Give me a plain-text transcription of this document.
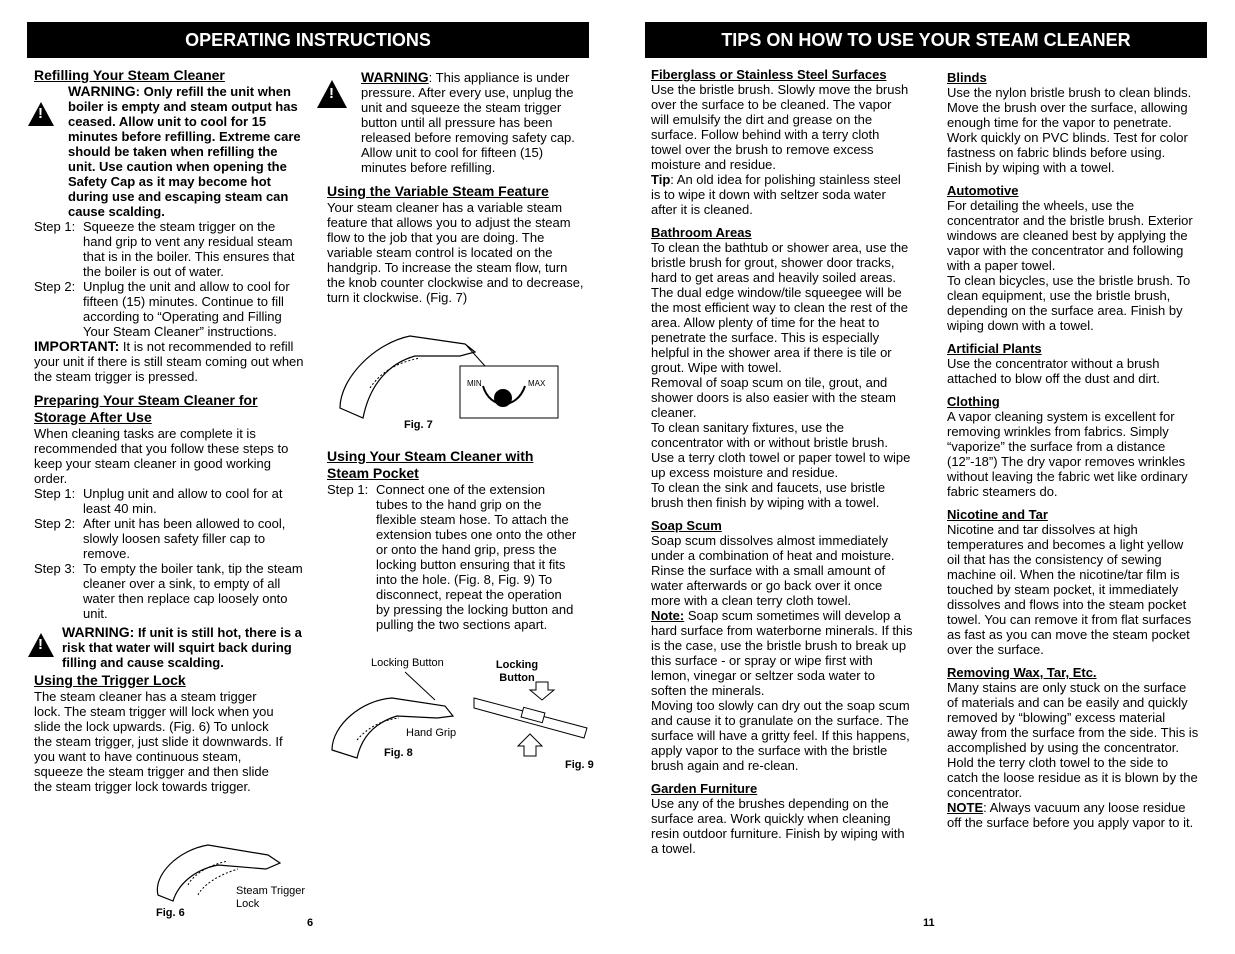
OPERATING INSTRUCTIONS	TIPS ON HOW TO USE YOUR STEAM CLEANER
Refilling Your Steam Cleaner
!

WARNING: Only refill the unit when boiler is empty and steam output has ceased. Allow unit to cool for 15 minutes before refilling. Extreme care should be taken when refilling the unit. Use caution when opening the Safety Cap as it may become hot during use and escaping steam can cause scalding.

Step 1: Squeeze the steam trigger on the hand grip to vent any residual steam that is in the boiler. This ensures that the boiler is out of water.
Step 2: Unplug the unit and allow to cool for fifteen (15) minutes. Continue to fill according to “Operating and Filling Your Steam Cleaner” instructions.

IMPORTANT: It is not recommended to refill your unit if there is still steam coming out when the steam trigger is pressed.

Preparing Your Steam Cleaner for Storage After Use

When cleaning tasks are complete it is recommended that you follow these steps to keep your steam cleaner in good working order.

Step 1: Unplug unit and allow to cool for at least 40 min.
Step 2: After unit has been allowed to cool, slowly loosen safety filler cap to remove.
Step 3: To empty the boiler tank, tip the steam cleaner over a sink, to empty of all water then replace cap loosely onto unit.
!

WARNING: If unit is still hot, there is a risk that water will squirt back during filling and cause scalding.

Using the Trigger Lock

The steam cleaner has a steam trigger lock. The steam trigger will lock when you slide the lock upwards. (Fig. 6) To unlock the steam trigger, just slide it downwards. If you want to have continuous steam, squeeze the steam trigger and then slide the steam trigger lock towards trigger.

Steam Trigger Lock
Fig. 6
6
!

WARNING: This appliance is under pressure. After every use, unplug the unit and squeeze the steam trigger button until all pressure has been released before removing safety cap. Allow unit to cool for fifteen (15) minutes before refilling.

Using the Variable Steam Feature

Your steam cleaner has a variable steam feature that allows you to adjust the steam flow to the job that you are doing. The variable steam control is located on the handgrip. To increase the steam flow, turn the knob counter clockwise and to decrease, turn it clockwise. (Fig. 7)

MIN	MAX
Fig. 7
Using Your Steam Cleaner with Steam Pocket
Step 1: Connect one of the extension tubes to the hand grip on the flexible steam hose. To attach the extension tubes one onto the other or onto the hand grip, press the locking button ensuring that it fits into the hole. (Fig. 8, Fig. 9) To disconnect, repeat the operation by pressing the locking button and pulling the two sections apart.
Locking Button	Locking Button
Hand Grip
Fig. 8
Fig. 9
Fiberglass or Stainless Steel Surfaces

Use the bristle brush. Slowly move the brush over the surface to be cleaned. The vapor will emulsify the dirt and grease on the surface. Follow behind with a terry cloth towel over the brush to remove excess moisture and residue.

Tip: An old idea for polishing stainless steel is to wipe it down with seltzer soda water after it is cleaned.

Bathroom Areas

To clean the bathtub or shower area, use the bristle brush for grout, shower door tracks, hard to get areas and heavily soiled areas. The dual edge window/tile squeegee will be the most efficient way to clean the rest of the area. Allow plenty of time for the heat to penetrate the surface. This is especially helpful in the shower area if there is tile or grout. Wipe with towel.

Removal of soap scum on tile, grout, and shower doors is also easier with the steam cleaner.

To clean sanitary fixtures, use the concentrator with or without bristle brush. Use a terry cloth towel or paper towel to wipe up excess moisture and residue.

To clean the sink and faucets, use bristle brush then finish by wiping with a towel.

Soap Scum

Soap scum dissolves almost immediately under a combination of heat and moisture. Rinse the surface with a small amount of water afterwards or go back over it once more with a clean terry cloth towel.

Note: Soap scum sometimes will develop a hard surface from waterborne minerals. If this is the case, use the bristle brush to break up this surface - or spray or wipe first with lemon, vinegar or seltzer soda water to soften the minerals.

Moving too slowly can dry out the soap scum and cause it to granulate on the surface. The surface will have a gritty feel. If this happens, apply vapor to the surface with the bristle brush again and re-clean.

Garden Furniture

Use any of the brushes depending on the surface area. Work quickly when cleaning resin outdoor furniture. Finish by wiping with a towel.

Blinds

Use the nylon bristle brush to clean blinds. Move the brush over the surface, allowing enough time for the vapor to penetrate. Work quickly on PVC blinds. Test for color fastness on fabric blinds before using. Finish by wiping with a towel.

Automotive

For detailing the wheels, use the concentrator and the bristle brush. Exterior windows are cleaned best by applying the vapor with the concentrator and following with a paper towel.

To clean bicycles, use the bristle brush. To clean equipment, use the bristle brush, depending on the surface area. Finish by wiping down with a towel.

Artificial Plants

Use the concentrator without a brush attached to blow off the dust and dirt.

Clothing

A vapor cleaning system is excellent for removing wrinkles from fabrics. Simply “vaporize” the surface from a distance (12”-18”) The dry vapor removes wrinkles without leaving the fabric wet like ordinary fabric steamers do.

Nicotine and Tar

Nicotine and tar dissolves at high temperatures and becomes a light yellow oil that has the consistency of sewing machine oil. When the nicotine/tar film is touched by steam pocket, it immediately dissolves and flows into the steam pocket towel. You can remove it from flat surfaces as fast as you can move the steam pocket over the surface.

Removing Wax, Tar, Etc.

Many stains are only stuck on the surface of materials and can be easily and quickly removed by “blowing” excess material away from the surface from the side. This is accomplished by using the concentrator. Hold the terry cloth towel to the side to catch the loose residue as it is blown by the concentrator.

NOTE: Always vacuum any loose residue off the surface before you apply vapor to it.

11
